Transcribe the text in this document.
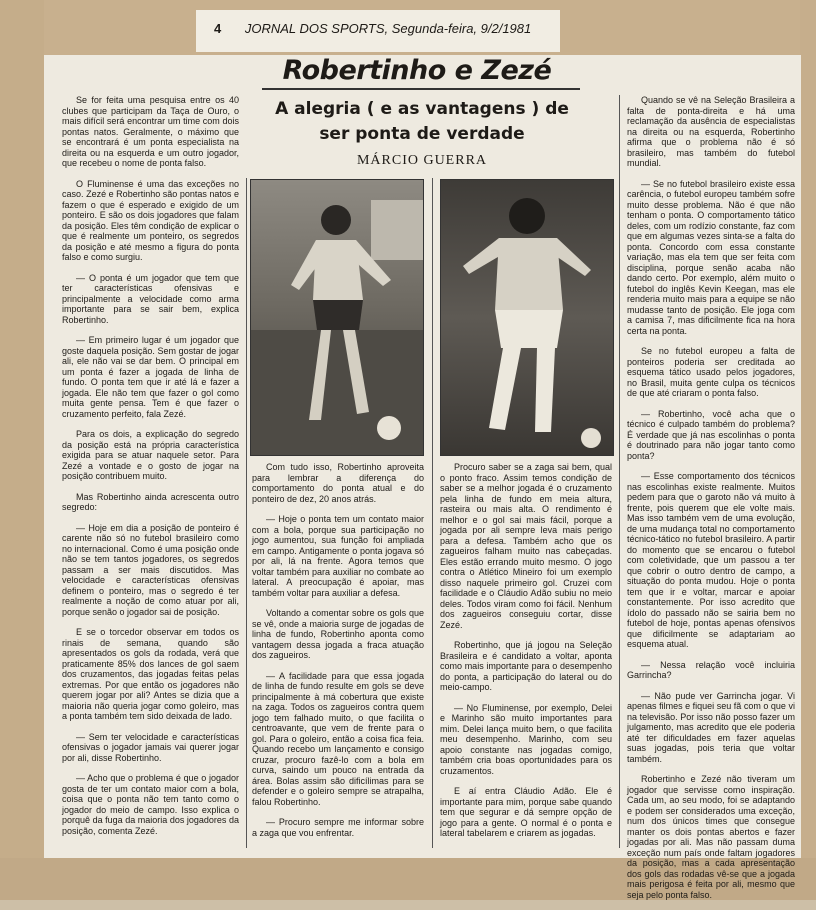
4 JORNAL DOS SPORTS, Segunda-feira, 9/2/1981
Robertinho e Zezé
A alegria ( e as vantagens ) de ser ponta de verdade
MÁRCIO GUERRA

Se for feita uma pesquisa entre os 40 clubes que participam da Taça de Ouro, o mais difícil será encontrar um time com dois pontas natos. Geralmente, o máximo que se encontrará é um ponta especialista na direita ou na esquerda e um outro jogador, que recebeu o nome de ponta falso.

O Fluminense é uma das exceções no caso. Zezé e Robertinho são pontas natos e fazem o que é esperado e exigido de um ponteiro. E são os dois jogadores que falam da posição. Eles têm condição de explicar o que é realmente um ponteiro, os segredos da posição e até mesmo a figura do ponta falso e como surgiu.

— O ponta é um jogador que tem que ter características ofensivas e principalmente a velocidade como arma importante para se sair bem, explica Robertinho.

— Em primeiro lugar é um jogador que goste daquela posição. Sem gostar de jogar ali, ele não vai se dar bem. O principal em um ponta é fazer a jogada de linha de fundo. O ponta tem que ir até lá e fazer a jogada. Ele não tem que fazer o gol como muita gente pensa. Tem é que fazer o cruzamento perfeito, fala Zezé.

Para os dois, a explicação do segredo da posição está na própria característica exigida para se atuar naquele setor. Para Zezé a vontade e o gosto de jogar na posição contribuem muito.

Mas Robertinho ainda acrescenta outro segredo:

— Hoje em dia a posição de ponteiro é carente não só no futebol brasileiro como no internacional. Como é uma posição onde não se tem tantos jogadores, os segredos passam a ser mais discutidos. Mas velocidade e características ofensivas definem o ponteiro, mas o segredo é ter realmente a noção de como atuar por ali, porque senão o jogador sai de posição.

E se o torcedor observar em todos os rinais de semana, quando são apresentados os gols da rodada, verá que praticamente 85% dos lances de gol saem dos cruzamentos, das jogadas feitas pelas extremas. Por que então os jogadores não querem jogar por ali? Antes se dizia que a maioria não queria jogar como goleiro, mas a ponta também tem sido deixada de lado.

— Sem ter velocidade e características ofensivas o jogador jamais vai querer jogar por ali, disse Robertinho.

— Acho que o problema é que o jogador gosta de ter um contato maior com a bola, coisa que o ponta não tem tanto como o jogador do meio de campo. Isso explica o porquê da fuga da maioria dos jogadores da posição, comenta Zezé.

Com tudo isso, Robertinho aproveita para lembrar a diferença do comportamento do ponta atual e do ponteiro de dez, 20 anos atrás.

— Hoje o ponta tem um contato maior com a bola, porque sua participação no jogo aumentou, sua função foi ampliada em campo. Antigamente o ponta jogava só por ali, lá na frente. Agora temos que voltar também para auxiliar no combate ao lateral. A preocupação é apoiar, mas também voltar para auxiliar a defesa.

Voltando a comentar sobre os gols que se vê, onde a maioria surge de jogadas de linha de fundo, Robertinho aponta como vantagem dessa jogada a fraca atuação dos zagueiros.

— A facilidade para que essa jogada de linha de fundo resulte em gols se deve principalmente à má cobertura que existe na zaga. Todos os zagueiros contra quem jogo tem falhado muito, o que facilita o centroavante, que vem de frente para o gol. Para o goleiro, então a coisa fica feia. Quando recebo um lançamento e consigo cruzar, procuro fazê-lo com a bola em curva, saindo um pouco na entrada da área. Bolas assim são dificílimas para se defender e o goleiro sempre se atrapalha, falou Robertinho.

— Procuro sempre me informar sobre a zaga que vou enfrentar.

Procuro saber se a zaga sai bem, qual o ponto fraco. Assim temos condição de saber se a melhor jogada é o cruzamento pela linha de fundo em meia altura, rasteira ou mais alta. O rendimento é melhor e o gol sai mais fácil, porque a jogada por ali sempre leva mais perigo para a defesa. Também acho que os zagueiros falham muito nas cabeçadas. Eles estão errando muito mesmo. O jogo contra o Atlético Mineiro foi um exemplo disso naquele primeiro gol. Cruzei com facilidade e o Cláudio Adão subiu no meio deles. Todos viram como foi fácil. Nenhum dos zagueiros conseguiu cortar, disse Zezé.

Robertinho, que já jogou na Seleção Brasileira e é candidato a voltar, aponta como mais importante para o desempenho do ponta, a participação do lateral ou do meio-campo.

— No Fluminense, por exemplo, Delei e Marinho são muito importantes para mim. Delei lança muito bem, o que facilita meu desempenho. Marinho, com seu apoio constante nas jogadas comigo, também cria boas oportunidades para os cruzamentos.

E aí entra Cláudio Adão. Ele é importante para mim, porque sabe quando tem que segurar e dá sempre opção de jogo para a gente. O normal é o ponta e lateral tabelarem e criarem as jogadas.

Quando se vê na Seleção Brasileira a falta de ponta-direita e há uma reclamação da ausência de especialistas na direita ou na esquerda, Robertinho afirma que o problema não é só brasileiro, mas também do futebol mundial.

— Se no futebol brasileiro existe essa carência, o futebol europeu também sofre muito desse problema. Não é que não tenham o ponta. O comportamento tático deles, com um rodízio constante, faz com que em algumas vezes sinta-se a falta do ponta. Concordo com essa constante variação, mas ela tem que ser feita com disciplina, porque senão acaba não dando certo. Por exemplo, além muito o futebol do inglês Kevin Keegan, mas ele renderia muito mais para a equipe se não mudasse tanto de posição. Ele joga com a camisa 7, mas dificilmente fica na hora certa na ponta.

Se no futebol europeu a falta de ponteiros poderia ser creditada ao esquema tático usado pelos jogadores, no Brasil, muita gente culpa os técnicos de que até criaram o ponta falso.

— Robertinho, você acha que o técnico é culpado também do problema? É verdade que já nas escolinhas o ponta é doutrinado para não jogar tanto como ponta?

— Esse comportamento dos técnicos nas escolinhas existe realmente. Muitos pedem para que o garoto não vá muito à frente, pois querem que ele volte mais. Mas isso também vem de uma evolução, de uma mudança total no comportamento técnico-tático no futebol brasileiro. A partir do momento que se encarou o futebol com coletividade, que um passou a ter que cobrir o outro dentro de campo, a situação do ponta mudou. Hoje o ponta tem que ir e voltar, marcar e apoiar constantemente. Por isso acredito que ídolo do passado não se sairia bem no futebol de hoje, pontas apenas ofensivos que dificilmente se adaptariam ao esquema atual.

— Nessa relação você incluiria Garrincha?

— Não pude ver Garrincha jogar. Vi apenas filmes e fiquei seu fã com o que vi na televisão. Por isso não posso fazer um julgamento, mas acredito que ele poderia até ter dificuldades em fazer aquelas suas jogadas, pois teria que voltar também.

Robertinho e Zezé não tiveram um jogador que servisse como inspiração. Cada um, ao seu modo, foi se adaptando e podem ser considerados uma exceção, num dos únicos times que consegue manter os dois pontas abertos e fazer jogadas por ali. Mas não passam duma exceção num país onde faltam jogadores da posição, mas a cada apresentação dos gols das rodadas vê-se que a jogada mais perigosa é feita por ali, mesmo que seja pelo ponta falso.
